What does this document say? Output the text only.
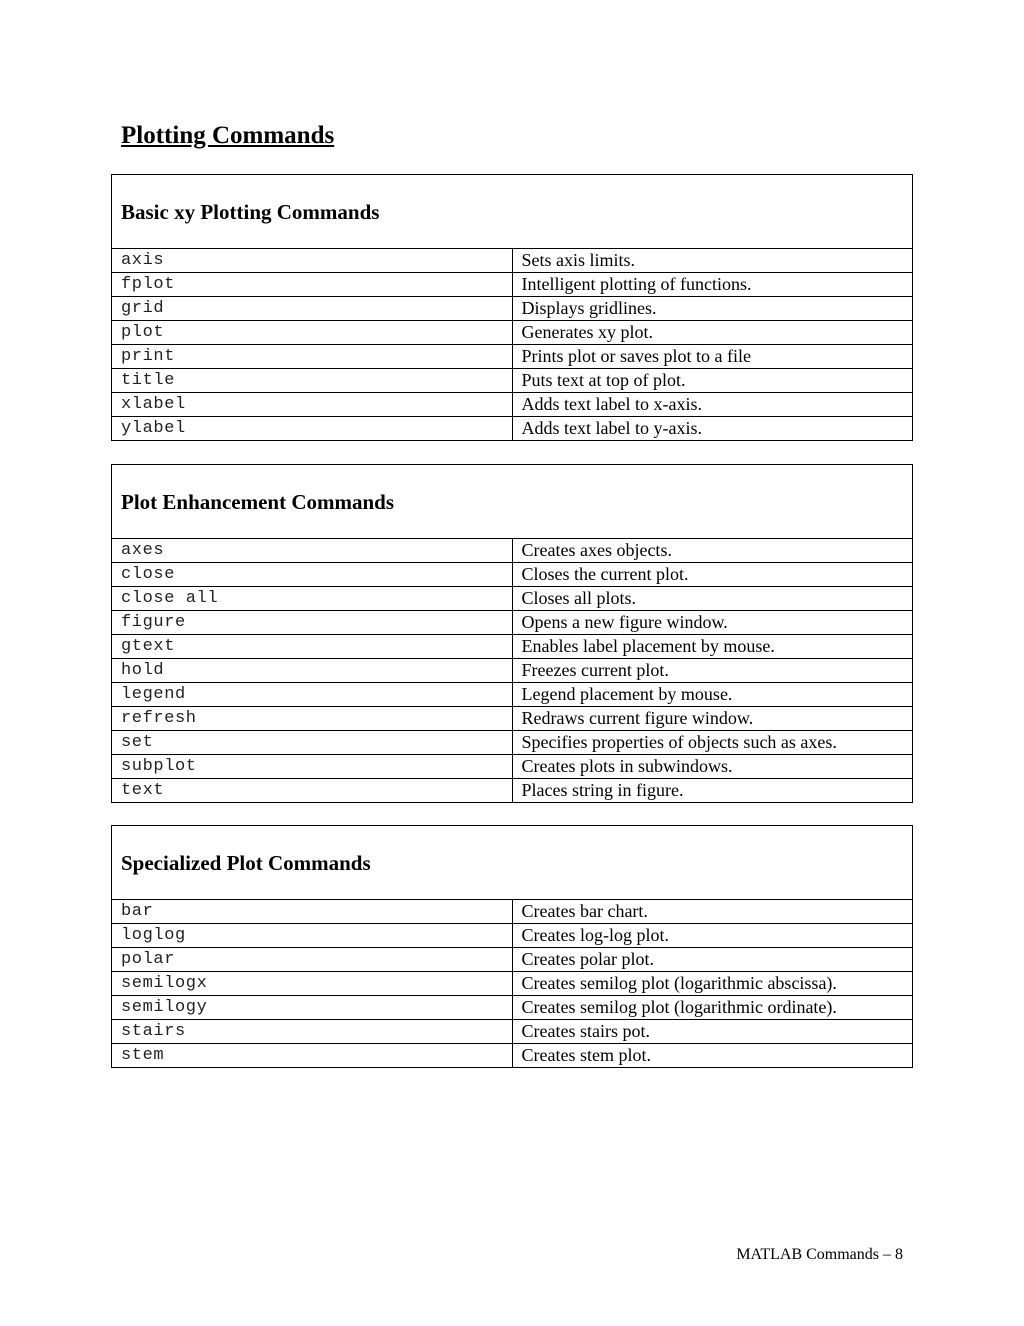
Plotting Commands
Basic xy Plotting Commands	
axis	Sets axis limits.
fplot	Intelligent plotting of functions.
grid	Displays gridlines.
plot	Generates xy plot.
print	Prints plot or saves plot to a file
title	Puts text at top of plot.
xlabel	Adds text label to x-axis.
ylabel	Adds text label to y-axis.
Plot Enhancement Commands	
axes	Creates axes objects.
close	Closes the current plot.
close all	Closes all plots.
figure	Opens a new figure window.
gtext	Enables label placement by mouse.
hold	Freezes current plot.
legend	Legend placement by mouse.
refresh	Redraws current figure window.
set	Specifies properties of objects such as axes.
subplot	Creates plots in subwindows.
text	Places string in figure.
Specialized Plot Commands	
bar	Creates bar chart.
loglog	Creates log-log plot.
polar	Creates polar plot.
semilogx	Creates semilog plot (logarithmic abscissa).
semilogy	Creates semilog plot (logarithmic ordinate).
stairs	Creates stairs pot.
stem	Creates stem plot.
MATLAB Commands – 8
